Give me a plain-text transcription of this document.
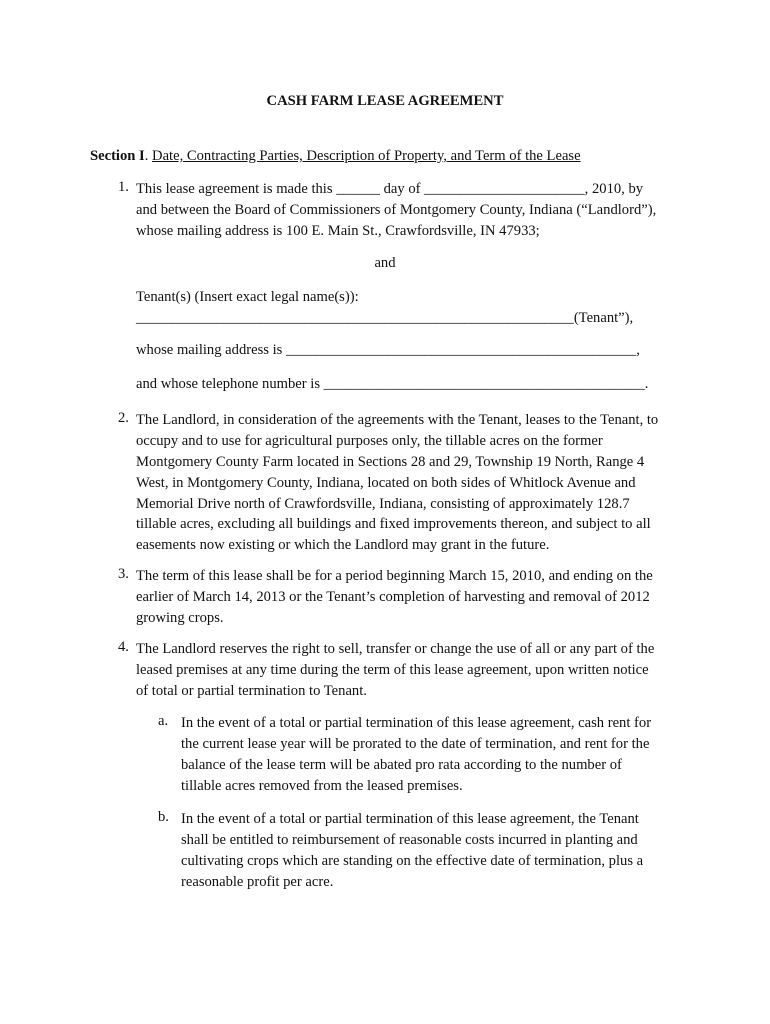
CASH FARM LEASE AGREEMENT
Section I. Date, Contracting Parties, Description of Property, and Term of the Lease
1. This lease agreement is made this ______ day of ______________________, 2010, by
and between the Board of Commissioners of Montgomery County, Indiana (“Landlord”),
whose mailing address is 100 E. Main St., Crawfordsville, IN 47933;
and
Tenant(s) (Insert exact legal name(s)):
____________________________________________________________(Tenant”),
whose mailing address is ________________________________________________,
and whose telephone number is ____________________________________________.
2. The Landlord, in consideration of the agreements with the Tenant, leases to the Tenant, to
occupy and to use for agricultural purposes only, the tillable acres on the former
Montgomery County Farm located in Sections 28 and 29, Township 19 North, Range 4
West, in Montgomery County, Indiana, located on both sides of Whitlock Avenue and
Memorial Drive north of Crawfordsville, Indiana, consisting of approximately 128.7
tillable acres, excluding all buildings and fixed improvements thereon, and subject to all
easements now existing or which the Landlord may grant in the future.
3. The term of this lease shall be for a period beginning March 15, 2010, and ending on the
earlier of March 14, 2013 or the Tenant’s completion of harvesting and removal of 2012
growing crops.
4. The Landlord reserves the right to sell, transfer or change the use of all or any part of the
leased premises at any time during the term of this lease agreement, upon written notice
of total or partial termination to Tenant.
a. In the event of a total or partial termination of this lease agreement, cash rent for
the current lease year will be prorated to the date of termination, and rent for the
balance of the lease term will be abated pro rata according to the number of
tillable acres removed from the leased premises.
b. In the event of a total or partial termination of this lease agreement, the Tenant
shall be entitled to reimbursement of reasonable costs incurred in planting and
cultivating crops which are standing on the effective date of termination, plus a
reasonable profit per acre.
